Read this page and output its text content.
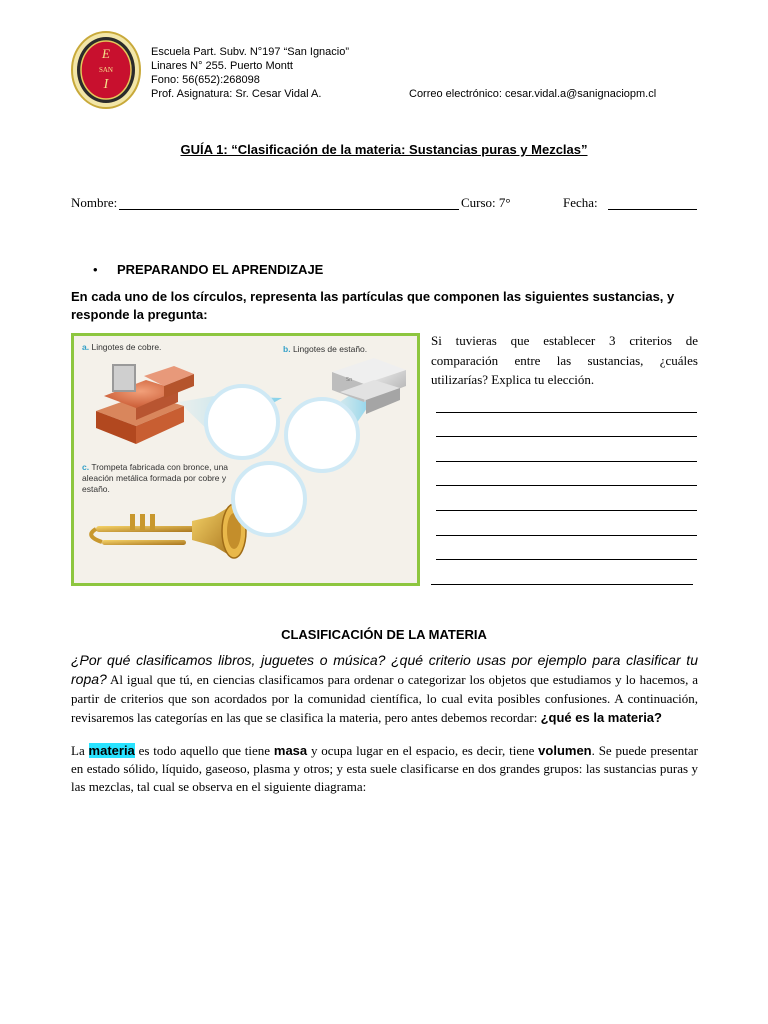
E
SAN
I
Escuela Part. Subv. N°197 “San Ignacio”
Linares N° 255. Puerto Montt
Fono: 56(652):268098
Prof. Asignatura: Sr. Cesar Vidal A.	Correo electrónico: cesar.vidal.a@sanignaciopm.cl
GUÍA 1: “Clasificación de la materia: Sustancias puras y Mezclas”
Nombre:	Curso: 7°	Fecha:
• PREPARANDO EL APRENDIZAJE
En cada uno de los círculos, representa las partículas que componen las siguientes sustancias, y responde la pregunta:
Sn
a. Lingotes de cobre.	b. Lingotes de estaño.
c. Trompeta fabricada con bronce, una aleación metálica formada por cobre y estaño.
Si tuvieras que establecer 3 criterios de comparación entre las sustancias, ¿cuáles utilizarías? Explica tu elección.
CLASIFICACIÓN DE LA MATERIA

¿Por qué clasificamos libros, juguetes o música? ¿qué criterio usas por ejemplo para clasificar tu ropa? Al igual que tú, en ciencias clasificamos para ordenar o categorizar los objetos que estudiamos y lo hacemos, a partir de criterios que son acordados por la comunidad científica, lo cual evita posibles confusiones. A continuación, revisaremos las categorías en las que se clasifica la materia, pero antes debemos recordar: ¿qué es la materia?

La materia es todo aquello que tiene masa y ocupa lugar en el espacio, es decir, tiene volumen. Se puede presentar en estado sólido, líquido, gaseoso, plasma y otros; y esta suele clasificarse en dos grandes grupos: las sustancias puras y las mezclas, tal cual se observa en el siguiente diagrama:
